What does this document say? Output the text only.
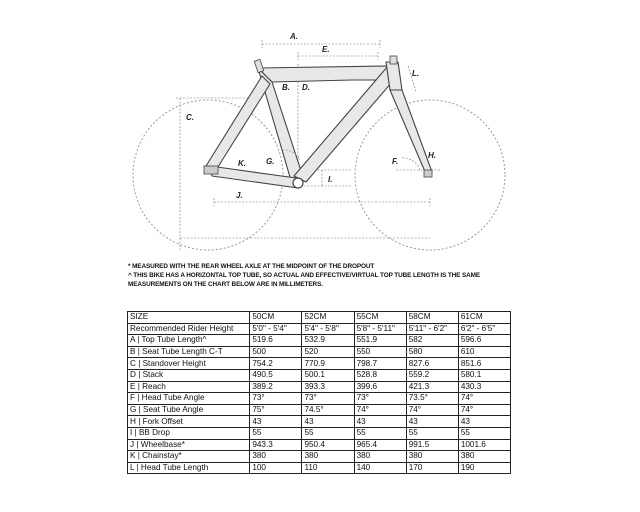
A.
E.
L.
B. D.
C.
G.
K.
I.
J.
F.
H.
* MEASURED WITH THE REAR WHEEL AXLE AT THE MIDPOINT OF THE DROPOUT
^ THIS BIKE HAS A HORIZONTAL TOP TUBE, SO ACTUAL AND EFFECTIVE/VIRTUAL TOP TUBE LENGTH IS THE SAME
MEASUREMENTS ON THE CHART BELOW ARE IN MILLIMETERS.
SIZE	50CM	52CM	55CM	58CM	61CM
Recommended Rider Height	5'0" - 5'4"	5'4" - 5'8"	5'8" - 5'11"	5'11" - 6'2"	6'2" - 6'5"
A | Top Tube Length^	519.6	532.9	551.9	582	596.6
B | Seat Tube Length C-T	500	520	550	580	610
C | Standover Height	754.2	770.9	798.7	827.6	851.6
D | Stack	490.5	500.1	528.8	559.2	580.1
E | Reach	389.2	393.3	399.6	421.3	430.3
F | Head Tube Angle	73°	73°	73°	73.5°	74°
G | Seat Tube Angle	75°	74.5°	74°	74°	74°
H | Fork Offset	43	43	43	43	43
I | BB Drop	55	55	55	55	55
J | Wheelbase*	943.3	950.4	965.4	991.5	1001.6
K | Chainstay*	380	380	380	380	380
L | Head Tube Length	100	110	140	170	190
